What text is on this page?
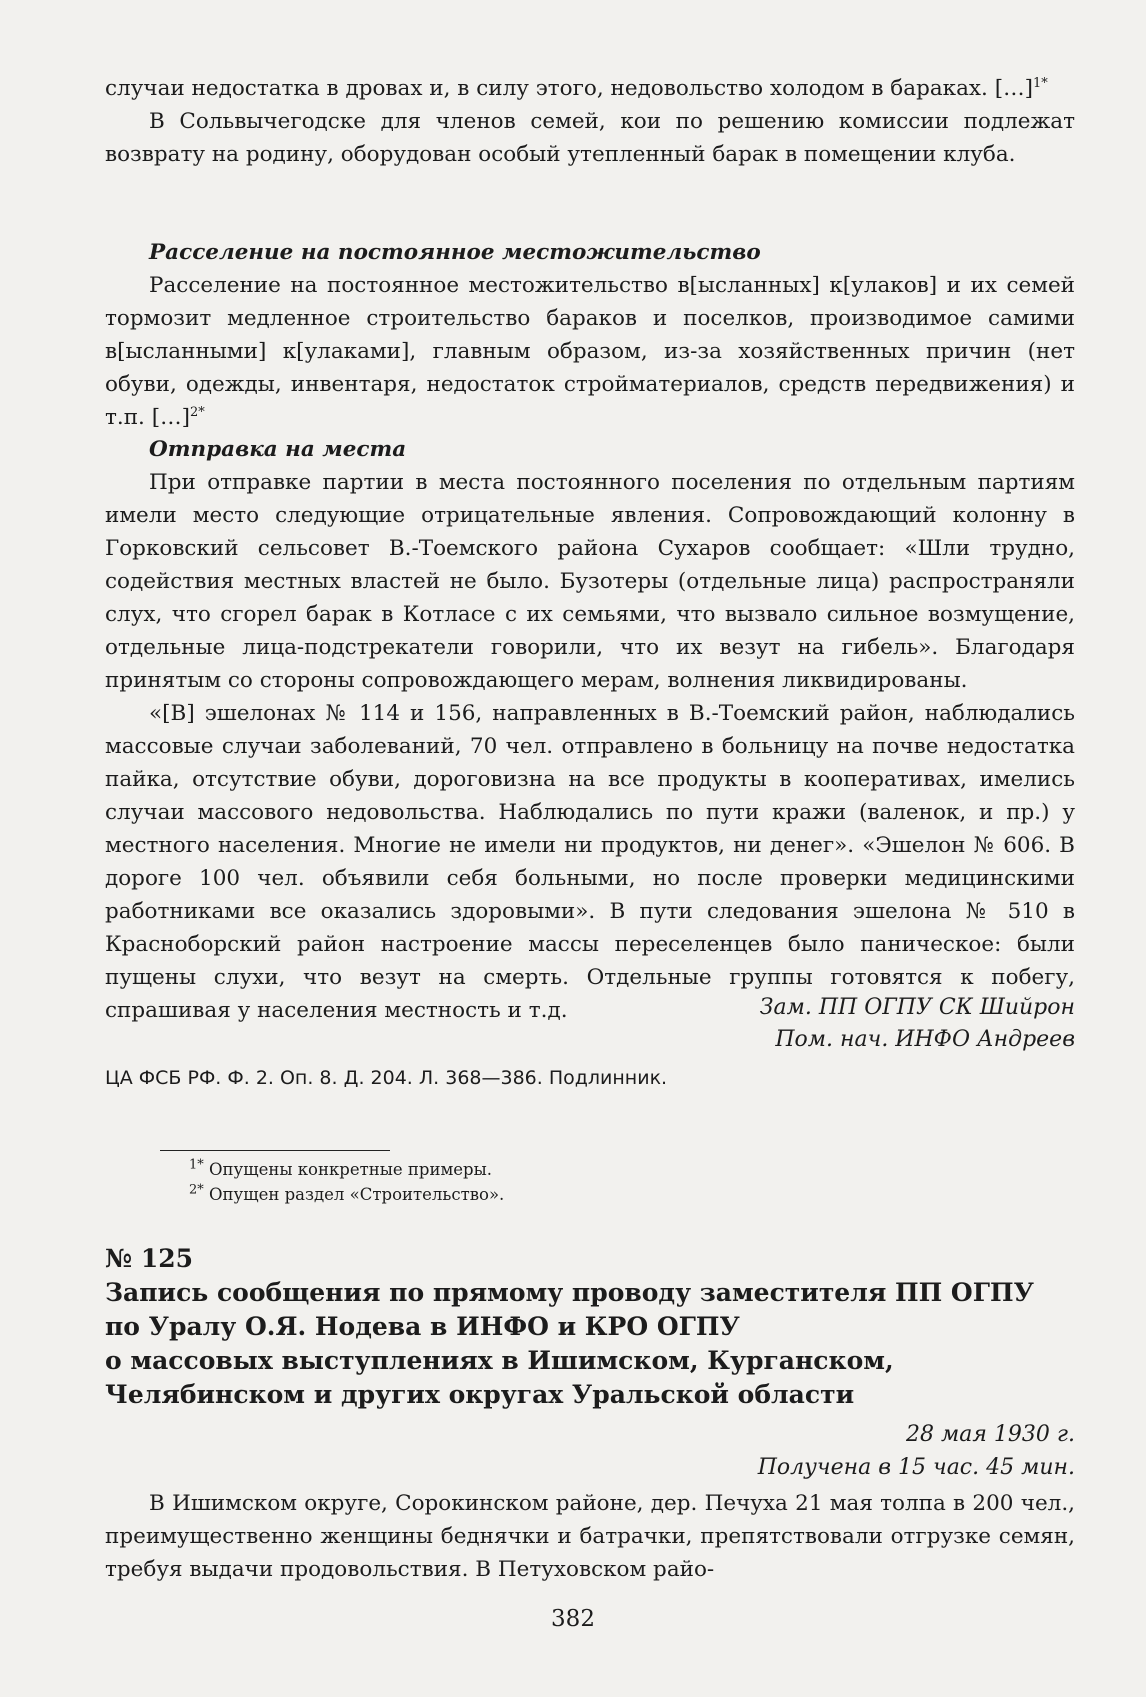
случаи недостатка в дровах и, в силу этого, недовольство холодом в бараках. […]$^{1*}$

В Сольвычегодске для членов семей, кои по решению комиссии подлежат возврату на родину, оборудован особый утепленный барак в помещении клуба.

Расселение на постоянное местожительство

Расселение на постоянное местожительство в[ысланных] к[улаков] и их семей тормозит медленное строительство бараков и поселков, производимое самими в[ысланными] к[улаками], главным образом, из-за хозяйственных причин (нет обуви, одежды, инвентаря, недостаток стройматериалов, средств передвижения) и т.п. […]$^{2*}$

Отправка на места

При отправке партии в места постоянного поселения по отдельным партиям имели место следующие отрицательные явления. Сопровождающий колонну в Горковский сельсовет В.-Тоемского района Сухаров сообщает: «Шли трудно, содействия местных властей не было. Бузотеры (отдельные лица) распространяли слух, что сгорел барак в Котласе с их семьями, что вызвало сильное возмущение, отдельные лица-подстрекатели говорили, что их везут на гибель». Благодаря принятым со стороны сопровождающего мерам, волнения ликвидированы.

«[В] эшелонах № 114 и 156, направленных в В.-Тоемский район, наблюдались массовые случаи заболеваний, 70 чел. отправлено в больницу на почве недостатка пайка, отсутствие обуви, дороговизна на все продукты в кооперативах, имелись случаи массового недовольства. Наблюдались по пути кражи (валенок, и пр.) у местного населения. Многие не имели ни продуктов, ни денег». «Эшелон № 606. В дороге 100 чел. объявили себя больными, но после проверки медицинскими работниками все оказались здоровыми». В пути следования эшелона № 510 в Красноборский район настроение массы переселенцев было паническое: были пущены слухи, что везут на смерть. Отдельные группы готовятся к побегу, спрашивая у населения местность и т.д.	Зам. ПП ОГПУ СК Шийрон

Пом. нач. ИНФО Андреев

ЦА ФСБ РФ. Ф. 2. Оп. 8. Д. 204. Л. 368—386. Подлинник.

$^{1*}$ Опущены конкретные примеры.

$^{2*}$ Опущен раздел «Строительство».

№ 125

Запись сообщения по прямому проводу заместителя ПП ОГПУ

по Уралу О.Я. Нодева в ИНФО и КРО ОГПУ

о массовых выступлениях в Ишимском, Курганском,

Челябинском и других округах Уральской области

28 мая 1930 г.

Получена в 15 час. 45 мин.

В Ишимском округе, Сорокинском районе, дер. Печуха 21 мая толпа в 200 чел., преимущественно женщины беднячки и батрачки, препятствовали отгрузке семян, требуя выдачи продовольствия. В Петуховском райо-

382
